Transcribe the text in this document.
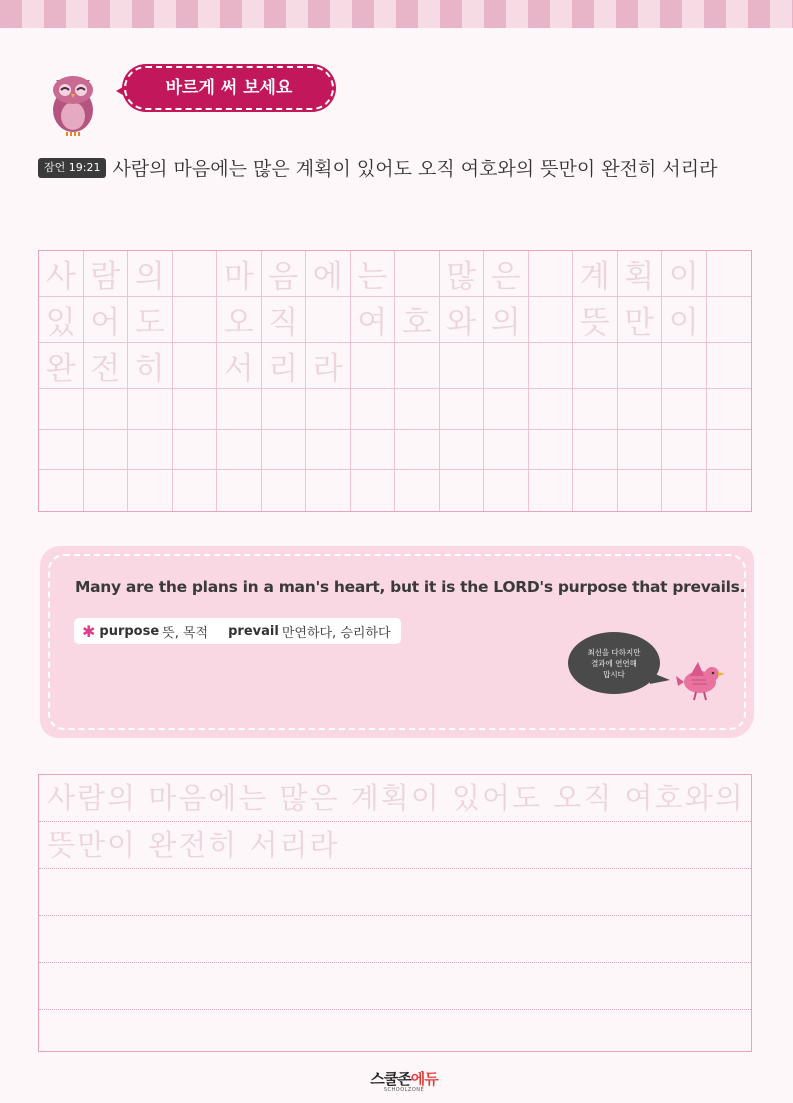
바르게 써 보세요
잠언 19:21 사람의 마음에는 많은 계획이 있어도 오직 여호와의 뜻만이 완전히 서리라
사 람 의 마 음 에 는 많 은 계 획 이
있 어 도 오 직 여 호 와 의 뜻 만 이
완 전 히 서 리 라
Many are the plans in a man's heart, but it is the LORD's purpose that prevails.
✱ purpose 뜻, 목적 prevail 만연하다, 승리하다
최선을 다하지만
결과에 연연해
맙시다
사람의 마음에는 많은 계획이 있어도 오직 여호와의
뜻만이 완전히 서리라
스쿨존에듀
SCHOOLZONE
